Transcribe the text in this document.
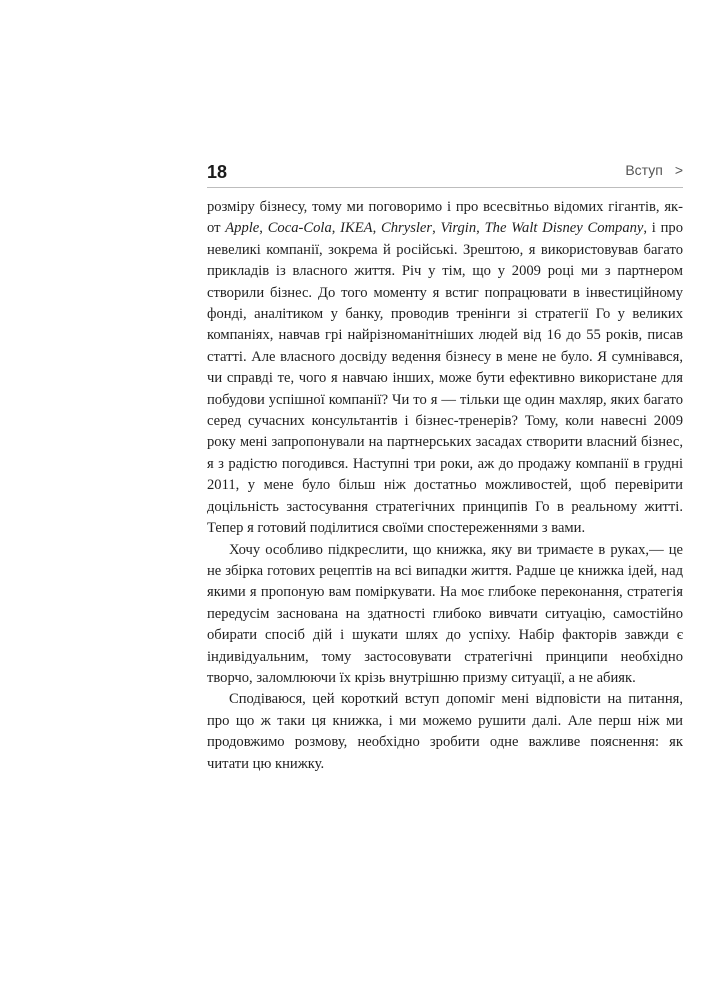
18	Вступ >

розміру бізнесу, тому ми поговоримо і про всесвітньо відомих гігантів, як-от Apple, Coca-Cola, IKEA, Chrysler, Virgin, The Walt Disney Company, і про невеликі компанії, зокрема й російські. Зрештою, я використовував багато прикладів із власного життя. Річ у тім, що у 2009 році ми з партнером створили бізнес. До того моменту я встиг попрацювати в інвестиційному фонді, аналітиком у банку, проводив тренінги зі стратегії Го у великих компаніях, навчав грі найрізноманітніших людей від 16 до 55 років, писав статті. Але власного досвіду ведення бізнесу в мене не було. Я сумнівався, чи справді те, чого я навчаю інших, може бути ефективно використане для побудови успішної компанії? Чи то я — тільки ще один махляр, яких багато серед сучасних консультантів і бізнес-тренерів? Тому, коли навесні 2009 року мені запропонували на партнерських засадах створити власний бізнес, я з радістю погодився. Наступні три роки, аж до продажу компанії в грудні 2011, у мене було більш ніж достатньо можливостей, щоб перевірити доцільність застосування стратегічних принципів Го в реальному житті. Тепер я готовий поділитися своїми спостереженнями з вами.

Хочу особливо підкреслити, що книжка, яку ви тримаєте в руках,— це не збірка готових рецептів на всі випадки життя. Радше це книжка ідей, над якими я пропоную вам поміркувати. На моє глибоке переконання, стратегія передусім заснована на здатності глибоко вивчати ситуацію, самостійно обирати спосіб дій і шукати шлях до успіху. Набір факторів завжди є індивідуальним, тому застосовувати стратегічні принципи необхідно творчо, заломлюючи їх крізь внутрішню призму ситуації, а не абияк.

Сподіваюся, цей короткий вступ допоміг мені відповісти на питання, про що ж таки ця книжка, і ми можемо рушити далі. Але перш ніж ми продовжимо розмову, необхідно зробити одне важливе пояснення: як читати цю книжку.
